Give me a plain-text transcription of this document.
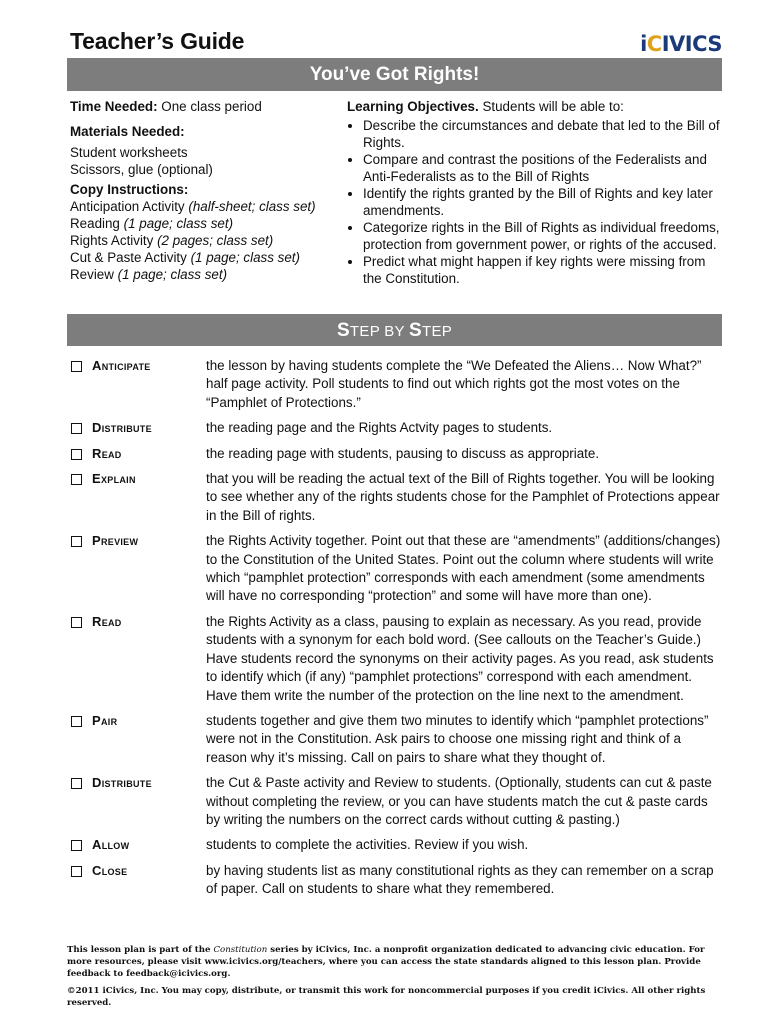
Teacher’s Guide	iCIVICS
You’ve Got Rights!
Time Needed: One class period
Materials Needed:
Student worksheets
Scissors, glue (optional)
Copy Instructions:
Anticipation Activity (half-sheet; class set)
Reading (1 page; class set)
Rights Activity (2 pages; class set)
Cut & Paste Activity (1 page; class set)
Review (1 page; class set)
Learning Objectives. Students will be able to:
• Describe the circumstances and debate that led to the Bill of Rights.
• Compare and contrast the positions of the Federalists and Anti-Federalists as to the Bill of Rights
• Identify the rights granted by the Bill of Rights and key later amendments.
• Categorize rights in the Bill of Rights as individual freedoms, protection from government power, or rights of the accused.
• Predict what might happen if key rights were missing from the Constitution.
STEP BY STEP
Anticipate	the lesson by having students complete the “We Defeated the Aliens… Now What?” half page activity. Poll students to find out which rights got the most votes on the “Pamphlet of Protections.”
Distribute	the reading page and the Rights Actvity pages to students.
Read	the reading page with students, pausing to discuss as appropriate.
Explain	that you will be reading the actual text of the Bill of Rights together. You will be looking to see whether any of the rights students chose for the Pamphlet of Protections appear in the Bill of rights.
Preview	the Rights Activity together. Point out that these are “amendments” (additions/changes) to the Constitution of the United States. Point out the column where students will write which “pamphlet protection” corresponds with each amendment (some amendments will have no corresponding “protection” and some will have more than one).
Read	the Rights Activity as a class, pausing to explain as necessary. As you read, provide students with a synonym for each bold word. (See callouts on the Teacher’s Guide.) Have students record the synonyms on their activity pages. As you read, ask students to identify which (if any) “pamphlet protections” correspond with each amendment. Have them write the number of the protection on the line next to the amendment.
Pair	students together and give them two minutes to identify which “pamphlet protections” were not in the Constitution. Ask pairs to choose one missing right and think of a reason why it’s missing. Call on pairs to share what they thought of.
Distribute	the Cut & Paste activity and Review to students. (Optionally, students can cut & paste without completing the review, or you can have students match the cut & paste cards by writing the numbers on the correct cards without cutting & pasting.)
Allow	students to complete the activities. Review if you wish.
Close	by having students list as many constitutional rights as they can remember on a scrap of paper. Call on students to share what they remembered.

This lesson plan is part of the Constitution series by iCivics, Inc. a nonprofit organization dedicated to advancing civic education. For more resources, please visit www.icivics.org/teachers, where you can access the state standards aligned to this lesson plan. Provide feedback to feedback@icivics.org.

©2011 iCivics, Inc. You may copy, distribute, or transmit this work for noncommercial purposes if you credit iCivics. All other rights reserved.
